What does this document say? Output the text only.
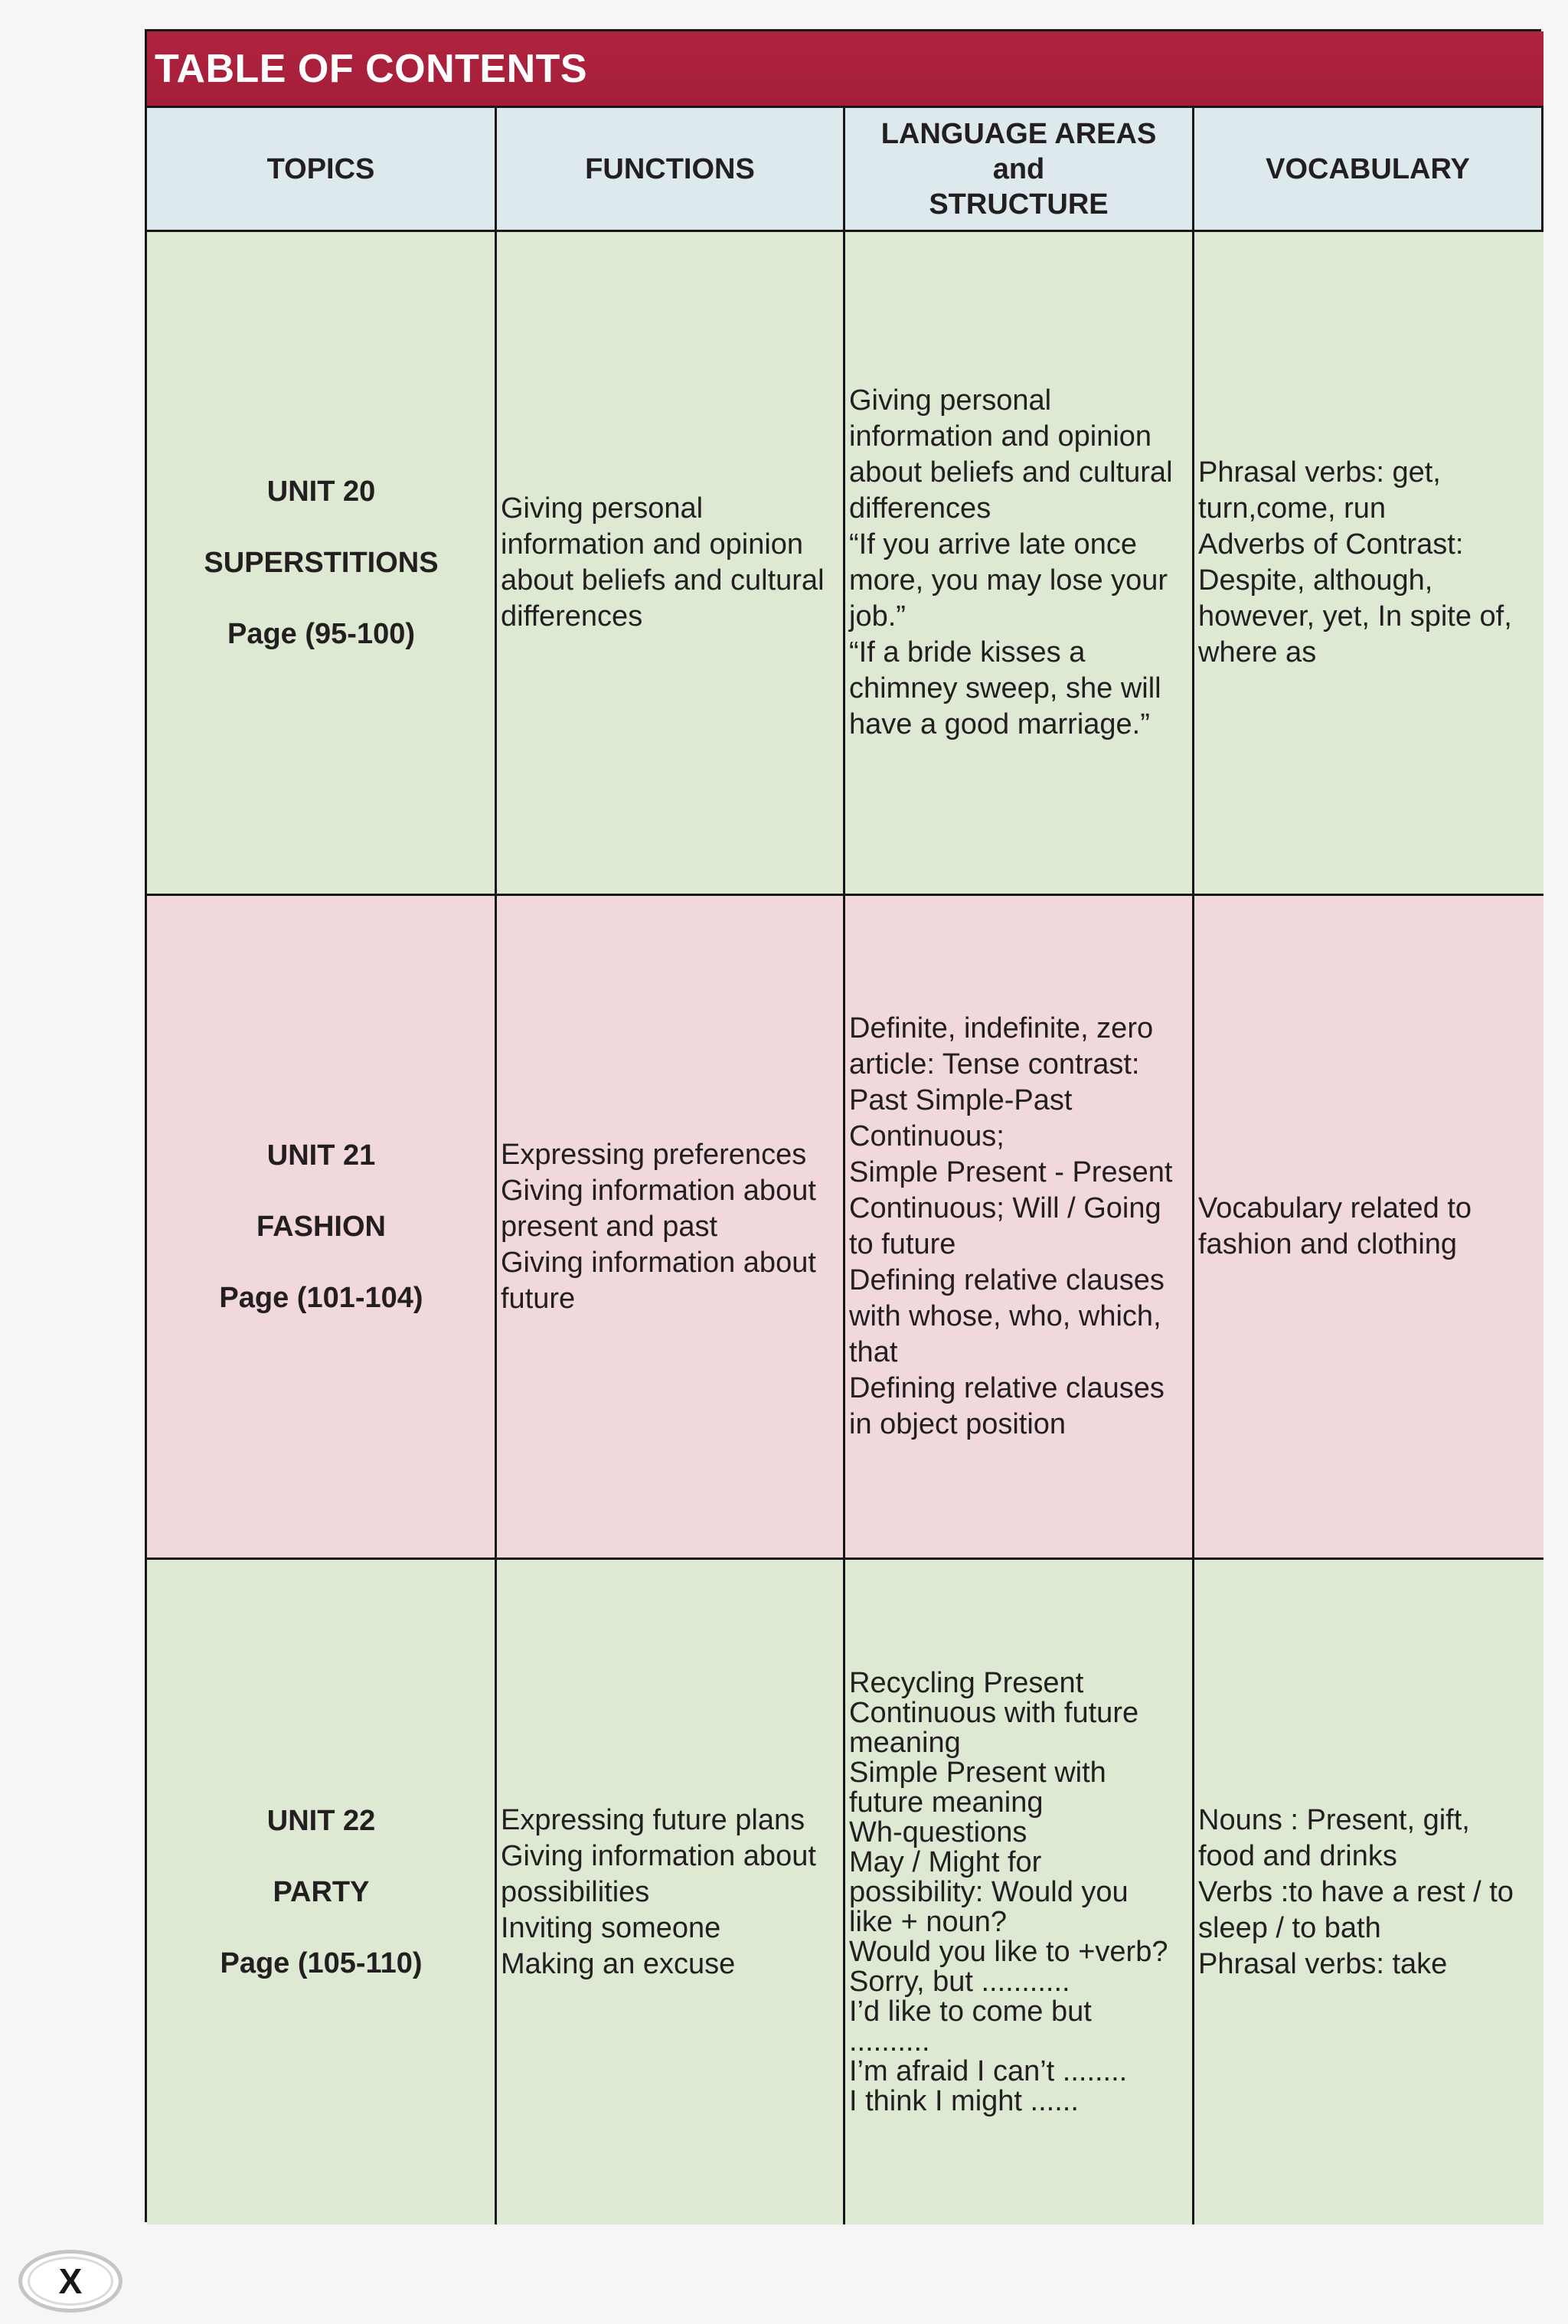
TABLE OF CONTENTS
TOPICS	FUNCTIONS
LANGUAGE AREAS
and
STRUCTURE
VOCABULARY
UNIT 20
SUPERSTITIONS
Page (95-100)
Giving personal
information and opinion
about beliefs and cultural
differences
Giving personal
information and opinion
about beliefs and cultural
differences
“If you arrive late once
more, you may lose your
job.”
“If a bride kisses a
chimney sweep, she will
have a good marriage.”
Phrasal verbs: get,
turn,come, run
Adverbs of Contrast:
Despite, although,
however, yet, In spite of,
where as
UNIT 21
FASHION
Page (101-104)
Expressing preferences
Giving information about
present and past
Giving information about
future
Definite, indefinite, zero
article: Tense contrast:
Past Simple-Past
Continuous;
Simple Present - Present
Continuous; Will / Going
to future
Defining relative clauses
with whose, who, which,
that
Defining relative clauses
in object position
Vocabulary related to
fashion and clothing
UNIT 22
PARTY
Page (105-110)
Expressing future plans
Giving information about
possibilities
Inviting someone
Making an excuse
Recycling Present
Continuous with future
meaning
Simple Present with
future meaning
Wh-questions
May / Might for
possibility: Would you
like + noun?
Would you like to +verb?
Sorry, but ...........
I’d like to come but
..........
I’m afraid I can’t ........
I think I might ......
Nouns : Present, gift,
food and drinks
Verbs :to have a rest / to
sleep / to bath
Phrasal verbs: take
X
